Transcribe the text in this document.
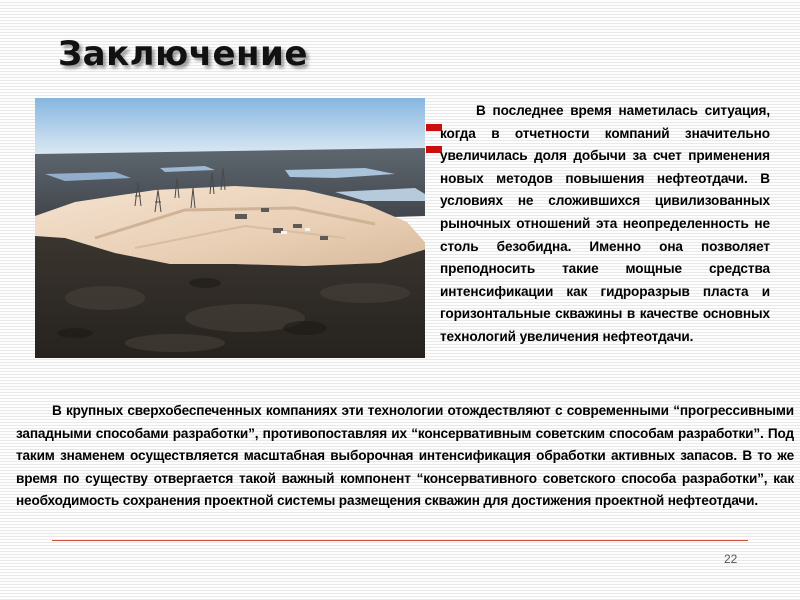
Заключение

В последнее время наметилась ситуация, когда в отчетности компаний значительно увеличилась доля добычи за счет применения новых методов повышения нефтеотдачи. В условиях не сложившихся цивилизованных рыночных отношений эта неопределенность не столь безобидна. Именно она позволяет преподносить такие мощные средства интенсификации как гидроразрыв пласта и горизонтальные скважины в качестве основных технологий увеличения нефтеотдачи.

В крупных сверхобеспеченных компаниях эти технологии отождествляют с современными “прогрессивными западными способами разработки”, противопоставляя их “консервативным советским способам разработки”. Под таким знаменем осуществляется масштабная выборочная интенсификация обработки активных запасов. В то же время по существу отвергается такой важный компонент “консервативного советского способа разработки”, как необходимость сохранения проектной системы размещения скважин для достижения проектной нефтеотдачи.

22
